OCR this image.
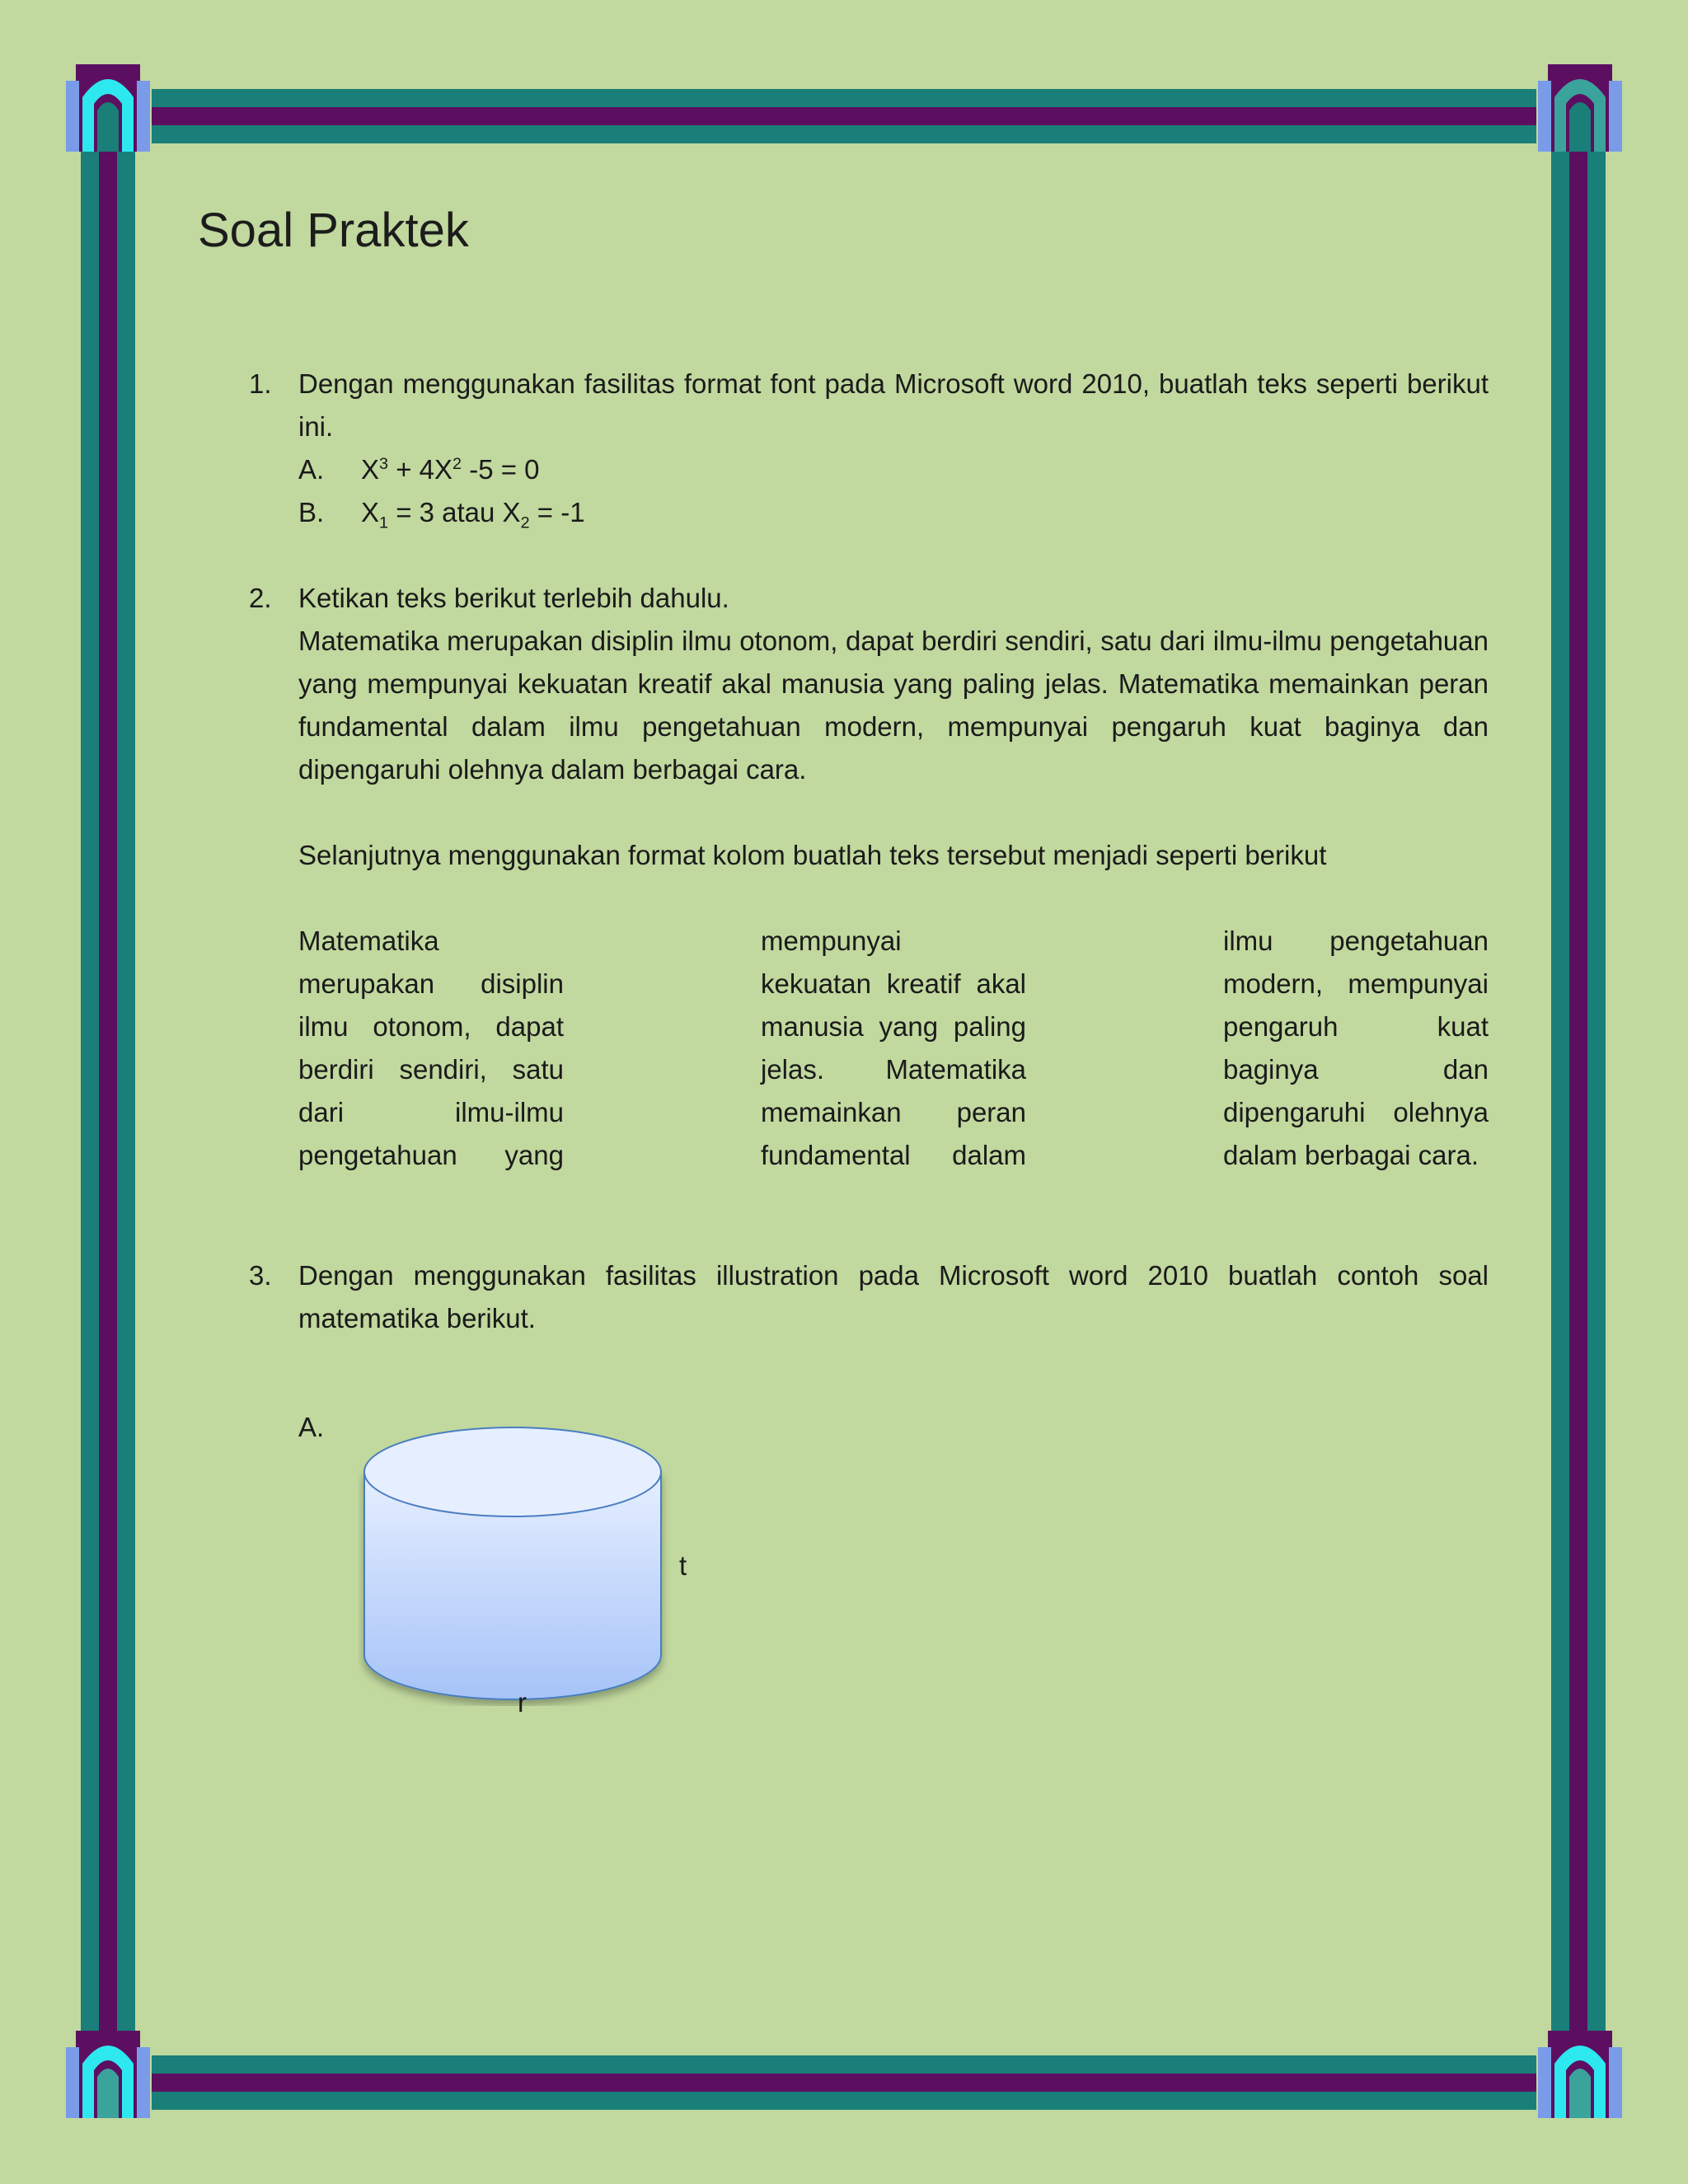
Soal Praktek
1. Dengan menggunakan fasilitas format font pada Microsoft word 2010, buatlah teks seperti berikut ini.

A. $X^3 + 4X^2$ -5 = 0

B. $X_1 = 3$ atau $X_2 = -1$

2. Ketikan teks berikut terlebih dahulu.

Matematika merupakan disiplin ilmu otonom, dapat berdiri sendiri, satu dari ilmu-ilmu pengetahuan yang mempunyai kekuatan kreatif akal manusia yang paling jelas. Matematika memainkan peran fundamental dalam ilmu pengetahuan modern, mempunyai pengaruh kuat baginya dan dipengaruhi olehnya dalam berbagai cara.

Selanjutnya menggunakan format kolom buatlah teks tersebut menjadi seperti berikut

Matematika

merupakan disiplin

ilmu otonom, dapat

berdiri sendiri, satu

dari ilmu-ilmu

pengetahuan yang

mempunyai

kekuatan kreatif akal

manusia yang paling

jelas. Matematika

memainkan peran

fundamental dalam

ilmu pengetahuan

modern, mempunyai

pengaruh kuat

baginya dan

dipengaruhi olehnya

dalam berbagai cara.

3. Dengan menggunakan fasilitas illustration pada Microsoft word 2010 buatlah contoh soal matematika berikut.

A.
t
r
